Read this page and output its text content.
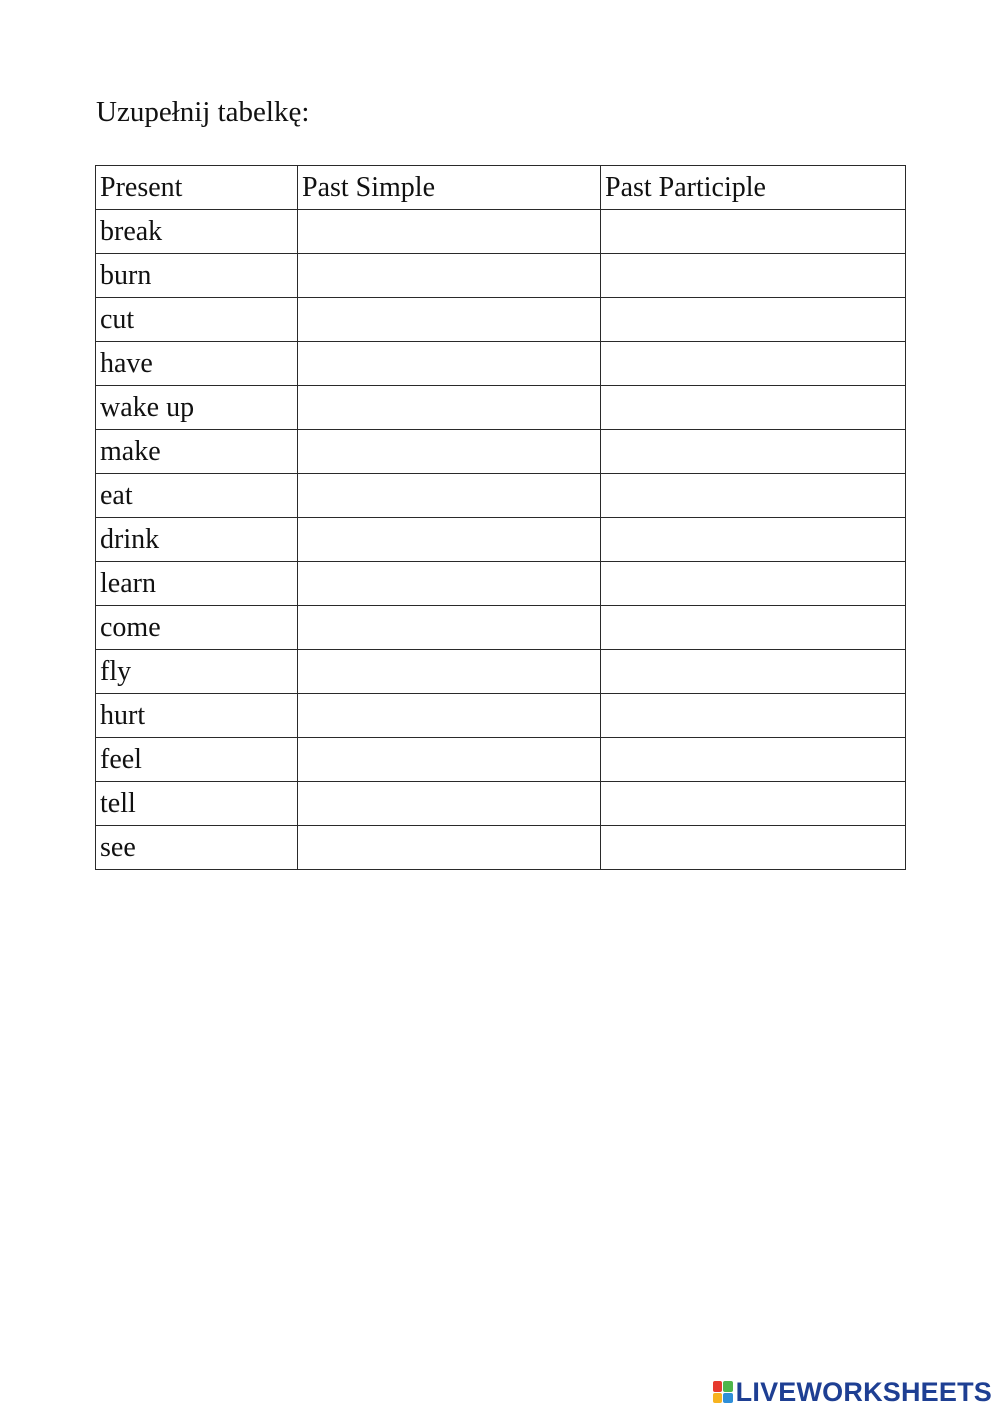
Uzupełnij tabelkę:
Present	Past Simple	Past Participle
break		
burn		
cut		
have		
wake up		
make		
eat		
drink		
learn		
come		
fly		
hurt		
feel		
tell		
see		
LIVEWORKSHEETS
